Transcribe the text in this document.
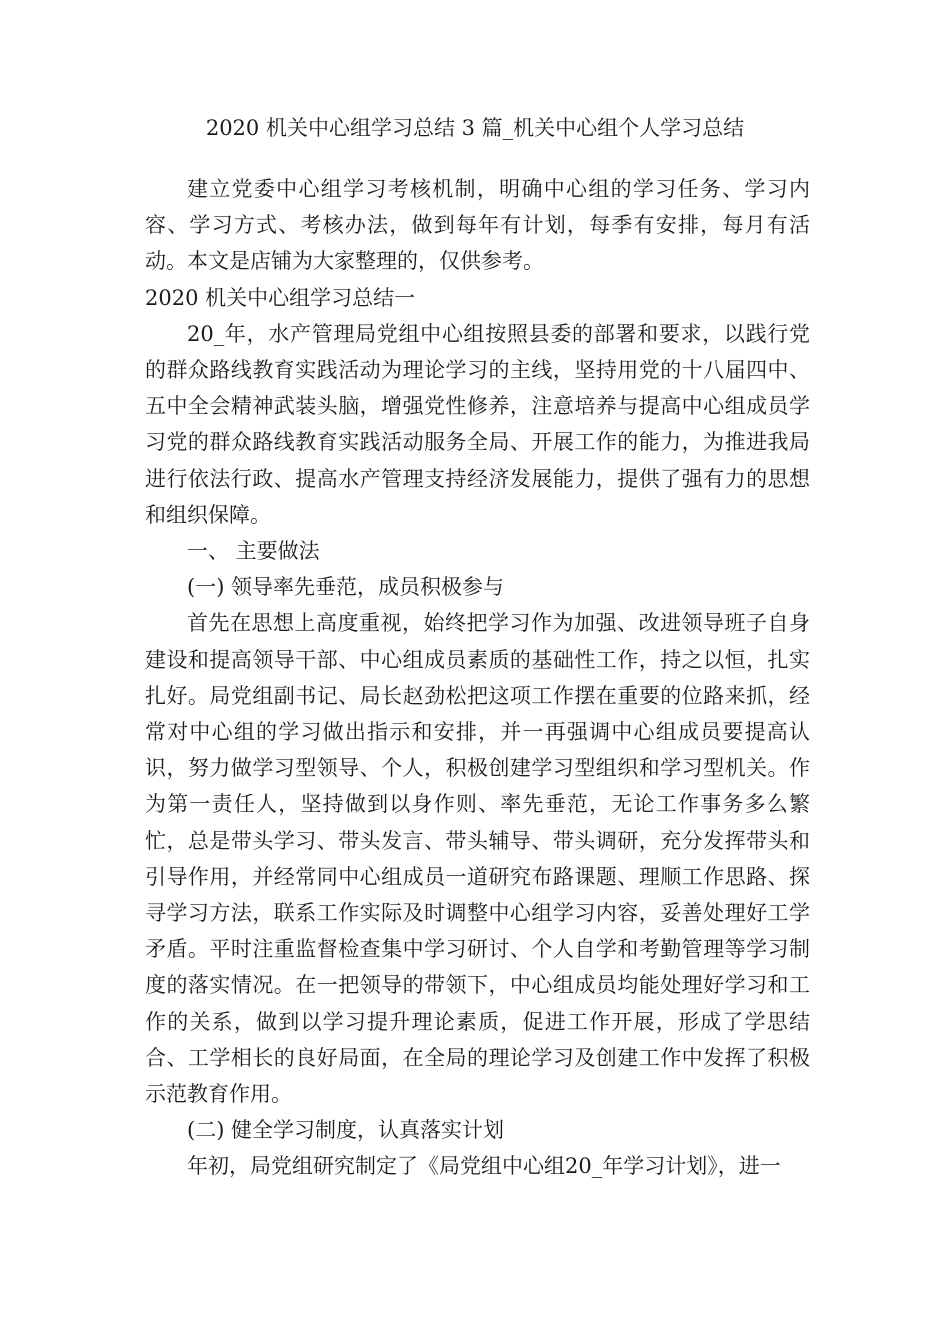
2020 机关中心组学习总结 3 篇_机关中心组个人学习总结

建立党委中心组学习考核机制，明确中心组的学习任务、学习内容、学习方式、考核办法，做到每年有计划，每季有安排，每月有活动。本文是店铺为大家整理的，仅供参考。

2020 机关中心组学习总结一

20_年，水产管理局党组中心组按照县委的部署和要求，以践行党的群众路线教育实践活动为理论学习的主线，坚持用党的十八届四中、五中全会精神武装头脑，增强党性修养，注意培养与提高中心组成员学习党的群众路线教育实践活动服务全局、开展工作的能力，为推进我局进行依法行政、提高水产管理支持经济发展能力，提供了强有力的思想和组织保障。

一、 主要做法

(一) 领导率先垂范，成员积极参与

首先在思想上高度重视，始终把学习作为加强、改进领导班子自身建设和提高领导干部、中心组成员素质的基础性工作，持之以恒，扎实扎好。局党组副书记、局长赵劲松把这项工作摆在重要的位路来抓，经常对中心组的学习做出指示和安排，并一再强调中心组成员要提高认识，努力做学习型领导、个人，积极创建学习型组织和学习型机关。作为第一责任人，坚持做到以身作则、率先垂范，无论工作事务多么繁忙，总是带头学习、带头发言、带头辅导、带头调研，充分发挥带头和引导作用，并经常同中心组成员一道研究布路课题、理顺工作思路、探寻学习方法，联系工作实际及时调整中心组学习内容，妥善处理好工学矛盾。平时注重监督检查集中学习研讨、个人自学和考勤管理等学习制度的落实情况。在一把领导的带领下，中心组成员均能处理好学习和工作的关系，做到以学习提升理论素质，促进工作开展，形成了学思结合、工学相长的良好局面，在全局的理论学习及创建工作中发挥了积极示范教育作用。

(二) 健全学习制度，认真落实计划

年初，局党组研究制定了《局党组中心组20_年学习计划》，进一
